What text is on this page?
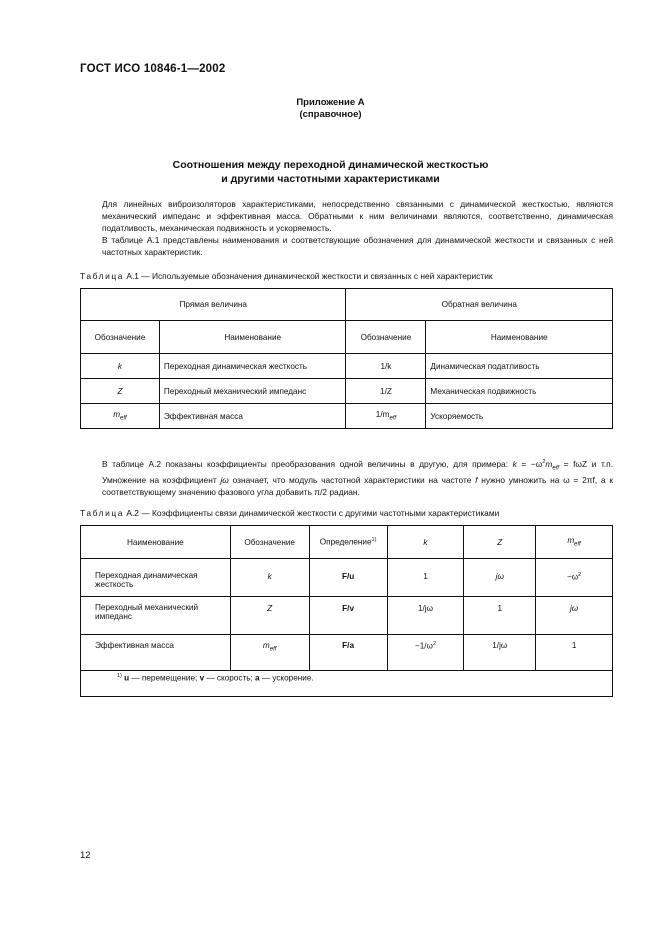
ГОСТ ИСО 10846-1—2002
Приложение А
(справочное)
Соотношения между переходной динамической жесткостью
и другими частотными характеристиками
Для линейных виброизоляторов характеристиками, непосредственно связанными с динамической жесткостью, являются механический импеданс и эффективная масса. Обратными к ним величинами являются, соответственно, динамическая податливость, механическая подвижность и ускоряемость.
В таблице А.1 представлены наименования и соответствующие обозначения для динамической жесткости и связанных с ней частотных характеристик.
Таблица А.1 — Используемые обозначения динамической жесткости и связанных с ней характеристик
Прямая величина		Обратная величина	
Обозначение	Наименование	Обозначение	Наименование
k	Переходная динамическая жесткость	1/k	Динамическая податливость
Z	Переходный механический импеданс	1/Z	Механическая подвижность
$m_{eff}$	Эффективная масса	$1/m_{eff}$	Ускоряемость
В таблице А.2 показаны коэффициенты преобразования одной величины в другую, для примера: $k = -\omega^2m_{eff} = f\omega Z$ и т.п. Умножение на коэффициент jω означает, что модуль частотной характеристики на частоте f нужно умножить на ω = 2πf, а к соответствующему значению фазового угла добавить π/2 радиан.
Таблица А.2 — Коэффициенты связи динамической жесткости с другими частотными характеристиками
Наименование	Обозначение	Определение$^{1)}$	k	Z	$m_{eff}$
Переходная динамическая жесткость	k	F/u	1	jω	$-\omega^2$
Переходный механический импеданс	Z	F/v	1/jω	1	jω
Эффективная масса	$m_{eff}$	F/a	$-1/\omega^2$	1/jω	1
$^{1)}$ u — перемещение; v — скорость; a — ускорение.					
12
